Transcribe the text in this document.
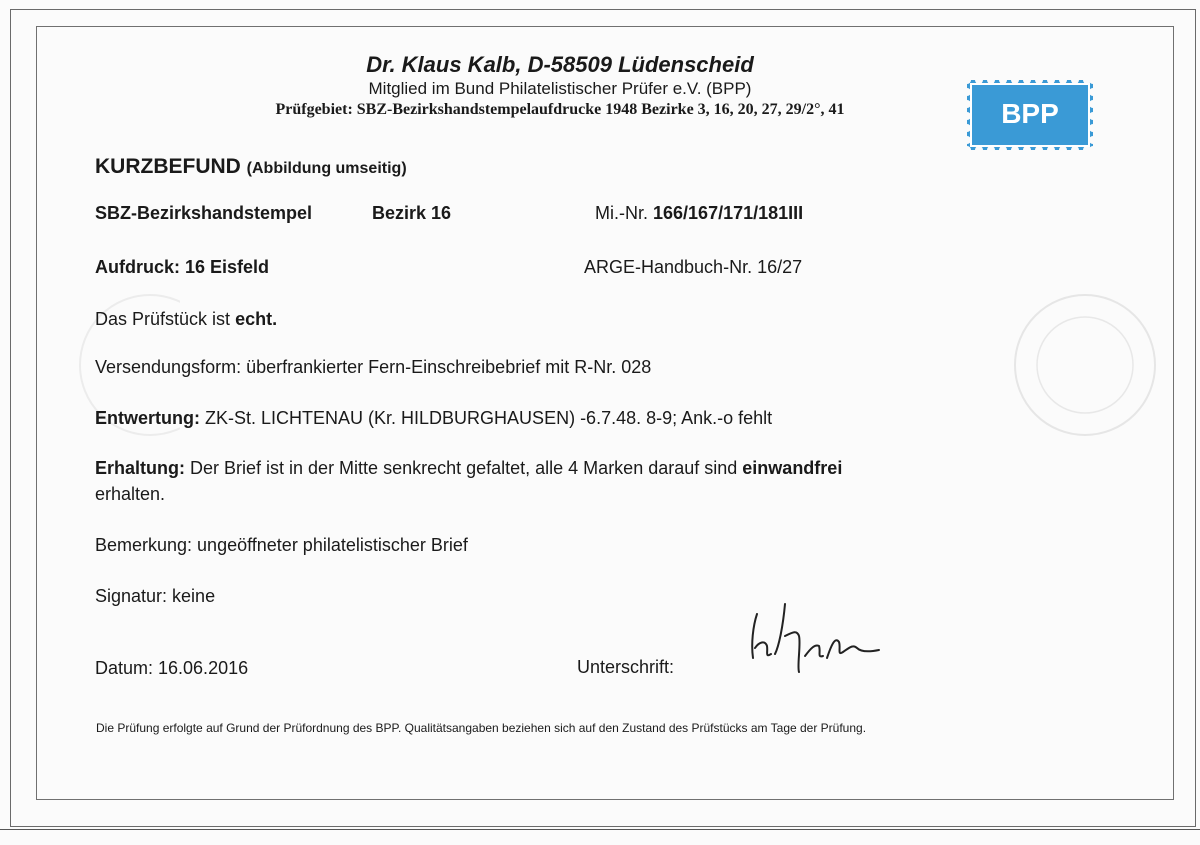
Dr. Klaus Kalb, D-58509 Lüdenscheid
Mitglied im Bund Philatelistischer Prüfer e.V. (BPP)
Prüfgebiet: SBZ-Bezirkshandstempelaufdrucke 1948 Bezirke 3, 16, 20, 27, 29/2°, 41	BPP
KURZBEFUND (Abbildung umseitig)
SBZ-Bezirkshandstempel	Bezirk 16	Mi.-Nr. 166/167/171/181III
Aufdruck: 16 Eisfeld	ARGE-Handbuch-Nr. 16/27
Das Prüfstück ist echt.
Versendungsform: überfrankierter Fern-Einschreibebrief mit R-Nr. 028
Entwertung: ZK-St. LICHTENAU (Kr. HILDBURGHAUSEN) -6.7.48. 8-9; Ank.-o fehlt
Erhaltung: Der Brief ist in der Mitte senkrecht gefaltet, alle 4 Marken darauf sind einwandfrei
erhalten.
Bemerkung: ungeöffneter philatelistischer Brief
Signatur: keine
Datum: 16.06.2016	Unterschrift:
Die Prüfung erfolgte auf Grund der Prüfordnung des BPP. Qualitätsangaben beziehen sich auf den Zustand des Prüfstücks am Tage der Prüfung.
